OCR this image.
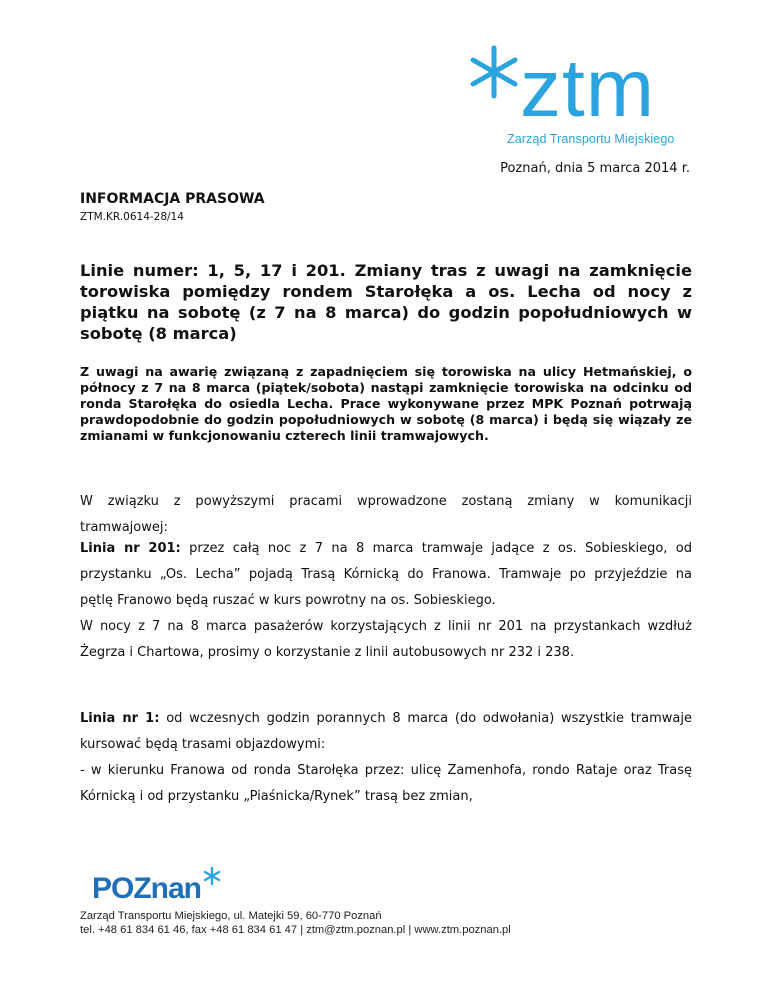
ztm
Zarząd Transportu Miejskiego
Poznań, dnia 5 marca 2014 r.
INFORMACJA PRASOWA
ZTM.KR.0614-28/14
Linie numer: 1, 5, 17 i 201. Zmiany tras z uwagi na zamknięcie torowiska pomiędzy rondem Starołęka a os. Lecha od nocy z piątku na sobotę (z 7 na 8 marca) do godzin popołudniowych w sobotę (8 marca)
Z uwagi na awarię związaną z zapadnięciem się torowiska na ulicy Hetmańskiej, o północy z 7 na 8 marca (piątek/sobota) nastąpi zamknięcie torowiska na odcinku od ronda Starołęka do osiedla Lecha. Prace wykonywane przez MPK Poznań potrwają prawdopodobnie do godzin popołudniowych w sobotę (8 marca) i będą się wiązały ze zmianami w funkcjonowaniu czterech linii tramwajowych.
W związku z powyższymi pracami wprowadzone zostaną zmiany w komunikacji
tramwajowej:
Linia nr 201: przez całą noc z 7 na 8 marca tramwaje jadące z os. Sobieskiego, od
przystanku „Os. Lecha” pojadą Trasą Kórnicką do Franowa. Tramwaje po przyjeździe na
pętlę Franowo będą ruszać w kurs powrotny na os. Sobieskiego.
W nocy z 7 na 8 marca pasażerów korzystających z linii nr 201 na przystankach wzdłuż
Żegrza i Chartowa, prosimy o korzystanie z linii autobusowych nr 232 i 238.
Linia nr 1: od wczesnych godzin porannych 8 marca (do odwołania) wszystkie tramwaje
kursować będą trasami objazdowymi:
- w kierunku Franowa od ronda Starołęka przez: ulicę Zamenhofa, rondo Rataje oraz Trasę
Kórnicką i od przystanku „Piaśnicka/Rynek” trasą bez zmian,
POZnan
Zarząd Transportu Miejskiego, ul. Matejki 59, 60-770 Poznań
tel. +48 61 834 61 46, fax +48 61 834 61 47 | ztm@ztm.poznan.pl | www.ztm.poznan.pl
